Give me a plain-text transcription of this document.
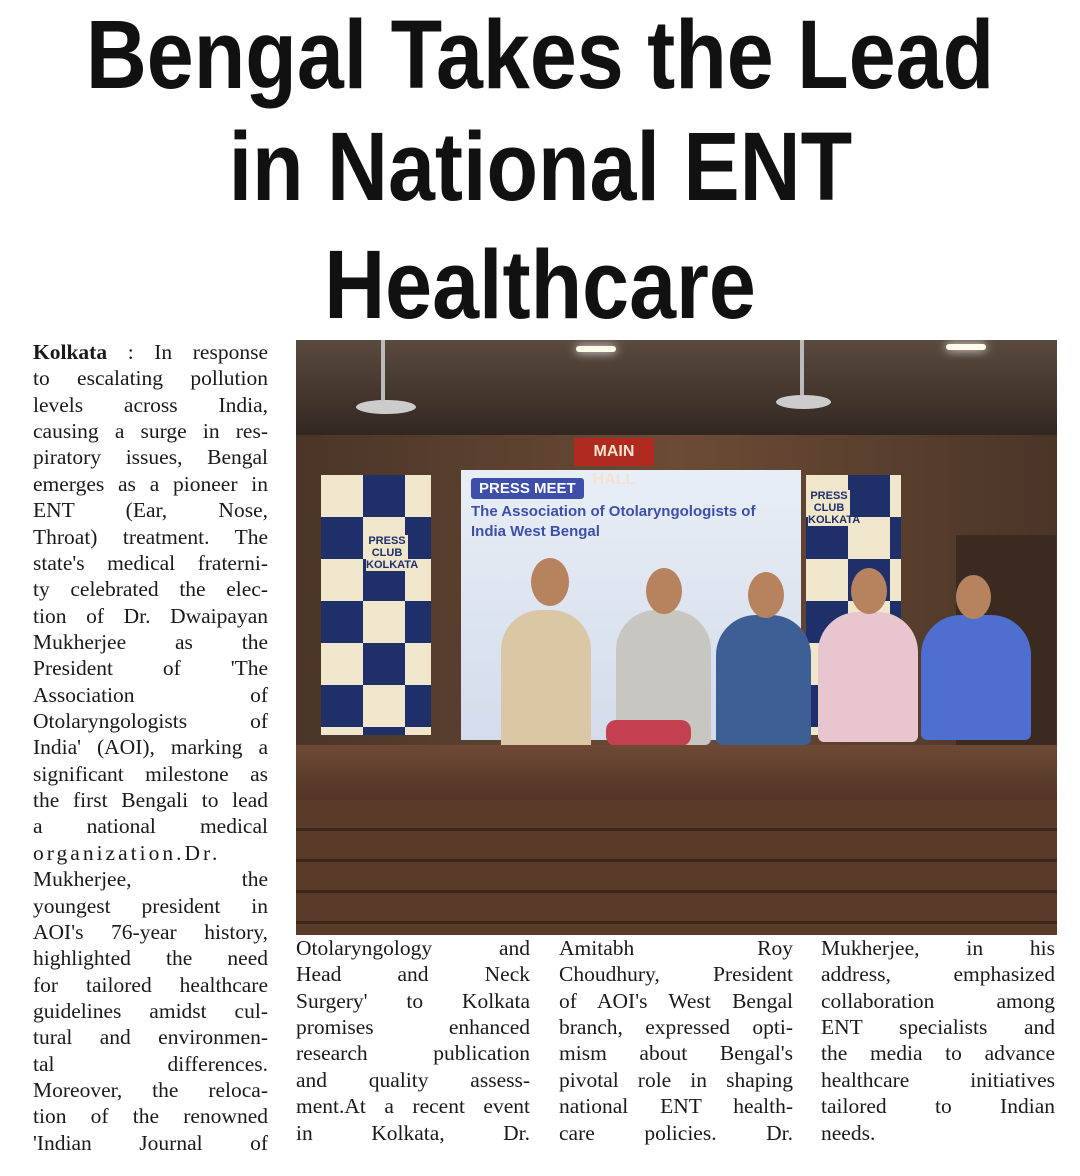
Bengal Takes the Lead
in National ENT
Healthcare
MAIN HALL
PRESS CLUB
KOLKATA
PRESS CLUB
KOLKATA
PRESS MEET
The Association of Otolaryngologists of India West Bengal
Kolkata : In response
to escalating pollution
levels across India,
causing a surge in res-
piratory issues, Bengal
emerges as a pioneer in
ENT (Ear, Nose,
Throat) treatment. The
state's medical fraterni-
ty celebrated the elec-
tion of Dr. Dwaipayan
Mukherjee as the
President of 'The
Association of
Otolaryngologists of
India' (AOI), marking a
significant milestone as
the first Bengali to lead
a national medical
organization.Dr.
Mukherjee, the
youngest president in
AOI's 76-year history,
highlighted the need
for tailored healthcare
guidelines amidst cul-
tural and environmen-
tal differences.
Moreover, the reloca-
tion of the renowned
'Indian Journal of
Otolaryngology and
Head and Neck
Surgery' to Kolkata
promises enhanced
research publication
and quality assess-
ment.At a recent event
in Kolkata, Dr.
Amitabh Roy
Choudhury, President
of AOI's West Bengal
branch, expressed opti-
mism about Bengal's
pivotal role in shaping
national ENT health-
care policies. Dr.
Mukherjee, in his
address, emphasized
collaboration among
ENT specialists and
the media to advance
healthcare initiatives
tailored to Indian
needs.
